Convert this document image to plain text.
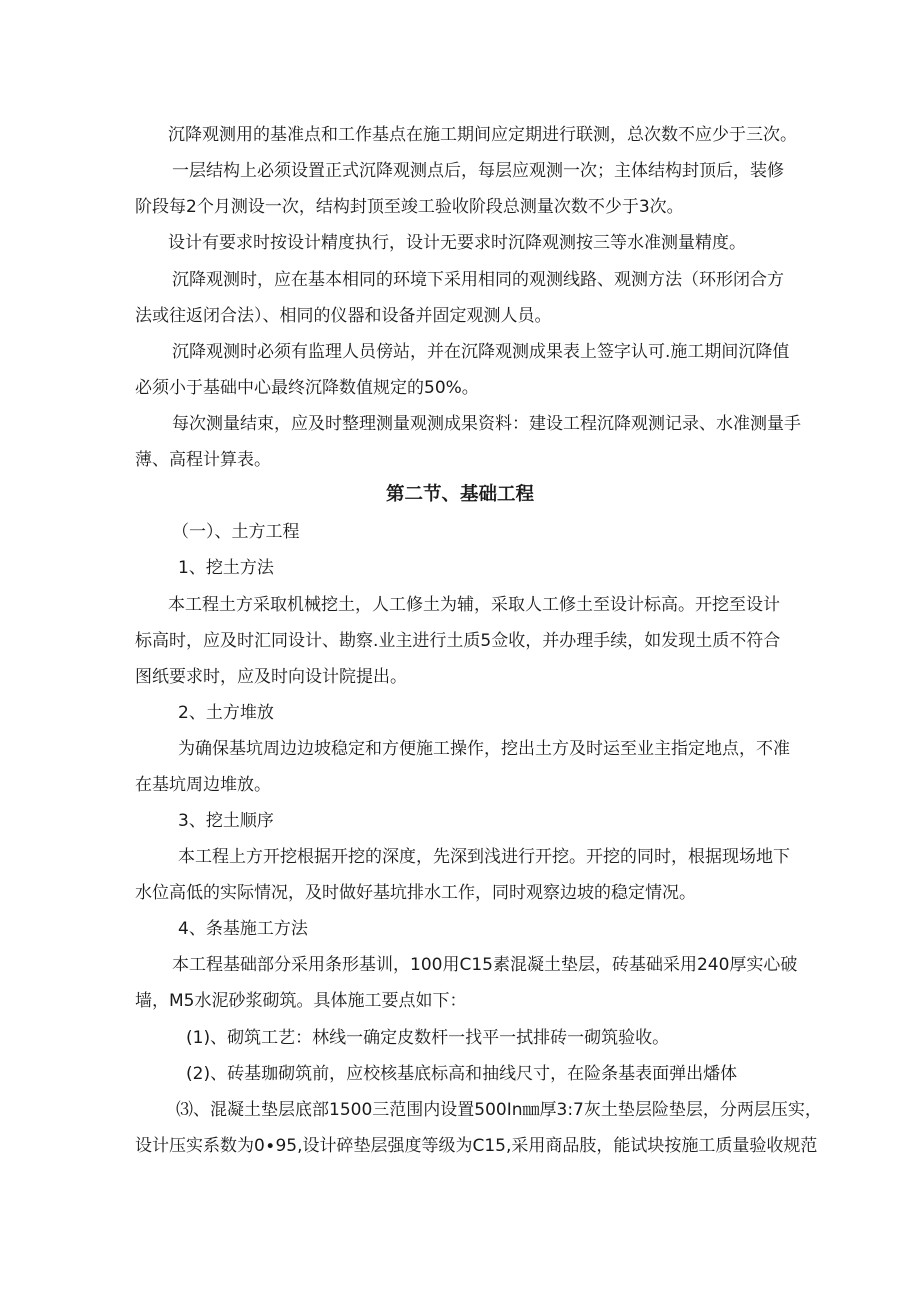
沉降观测用的基准点和工作基点在施工期间应定期进行联测，总次数不应少于三次。

一层结构上必须设置正式沉降观测点后，每层应观测一次；主体结构封顶后，装修

阶段每2个月测设一次，结构封顶至竣工验收阶段总测量次数不少于3次。

设计有要求时按设计精度执行，设计无要求时沉降观测按三等水准测量精度。

沉降观测时，应在基本相同的环境下采用相同的观测线路、观测方法（环形闭合方

法或往返闭合法）、相同的仪器和设备并固定观测人员。

沉降观测时必须有监理人员傍站，并在沉降观测成果表上签字认可.施工期间沉降值

必须小于基础中心最终沉降数值规定的50%。

每次测量结束，应及时整理测量观测成果资料：建设工程沉降观测记录、水准测量手

薄、高程计算表。

第二节、基础工程

（一）、土方工程

1、挖土方法

本工程土方采取机械挖土，人工修土为辅，采取人工修土至设计标高。开挖至设计

标高时，应及时汇同设计、勘察.业主进行土质5佥收，并办理手续，如发现土质不符合

图纸要求时，应及时向设计院提出。

2、土方堆放

为确保基坑周边边坡稳定和方便施工操作，挖出土方及时运至业主指定地点，不准

在基坑周边堆放。

3、挖土顺序

本工程上方开挖根据开挖的深度，先深到浅进行开挖。开挖的同时，根据现场地下

水位高低的实际情况，及时做好基坑排水工作，同时观察边坡的稳定情况。

4、条基施工方法

本工程基础部分采用条形基训，100用C15素混凝土垫层，砖基础采用240厚实心破

墙，M5水泥砂浆砌筑。具体施工要点如下：

(1)、砌筑工艺：林线一确定皮数杆一找平一拭排砖一砌筑验收。

(2)、砖基珈砌筑前，应校核基底标高和抽线尺寸，在险条基表面弹出燔体

⑶、混凝土垫层底部1500三范围内设置500In㎜厚3:7灰土垫层险垫层，分两层压实，

设计压实系数为0∙95,设计碎垫层强度等级为C15,采用商品肢，能试块按施工质量验收规范
